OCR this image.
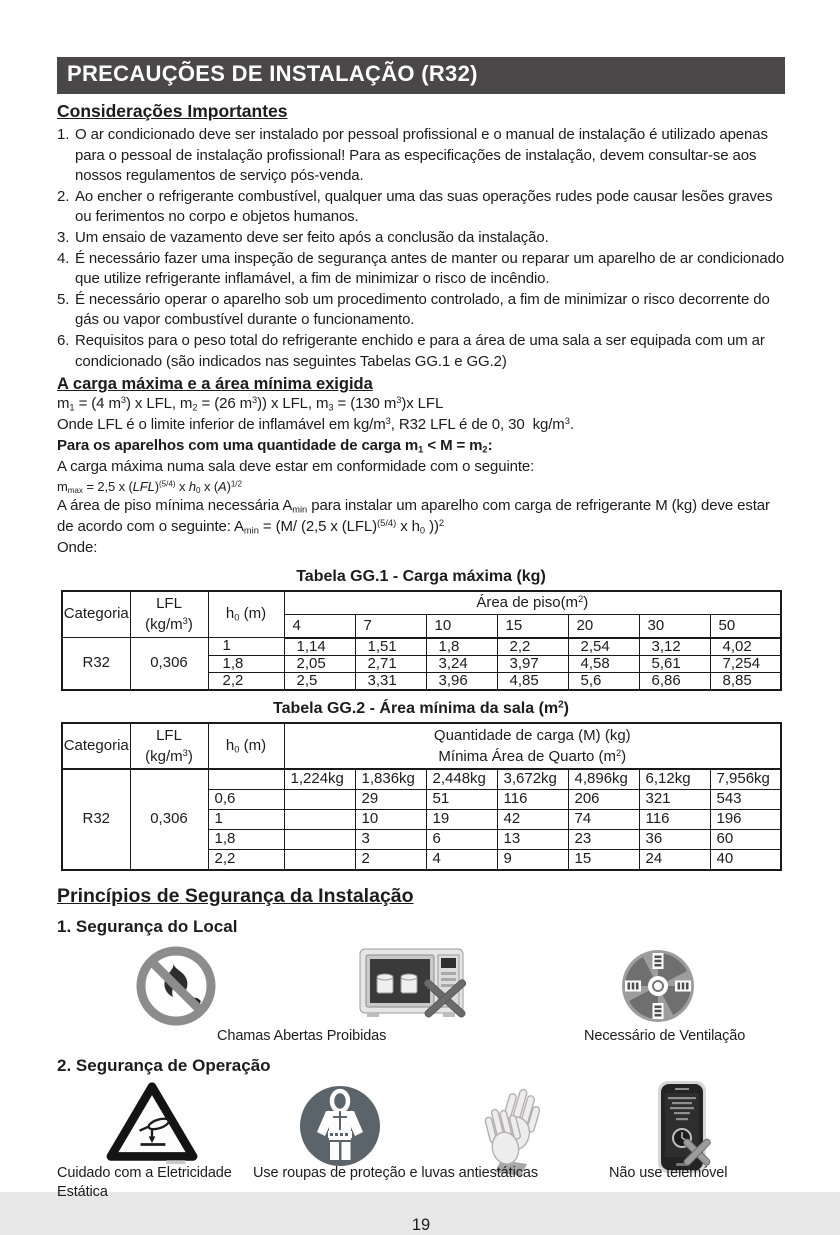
PRECAUÇÕES DE INSTALAÇÃO (R32)
Considerações Importantes
1. O ar condicionado deve ser instalado por pessoal profissional e o manual de instalação é utilizado apenas para o pessoal de instalação profissional! Para as especificações de instalação, devem consultar-se aos nossos regulamentos de serviço pós-venda.
2. Ao encher o refrigerante combustível, qualquer uma das suas operações rudes pode causar lesões graves ou ferimentos no corpo e objetos humanos.
3. Um ensaio de vazamento deve ser feito após a conclusão da instalação.
4. É necessário fazer uma inspeção de segurança antes de manter ou reparar um aparelho de ar condicionado que utilize refrigerante inflamável, a fim de minimizar o risco de incêndio.
5. É necessário operar o aparelho sob um procedimento controlado, a fim de minimizar o risco decorrente do gás ou vapor combustível durante o funcionamento.
6. Requisitos para o peso total do refrigerante enchido e para a área de uma sala a ser equipada com um ar condicionado (são indicados nas seguintes Tabelas GG.1 e GG.2)
A carga máxima e a área mínima exigida
$m_1 = (4$ $m^3$) x LFL, $m_2 = (26$ $m^3$)) x LFL, $m_3 = (130$ $m^3)x$ LFL
Onde LFL é o limite inferior de inflamável em $kg/m^3$, R32 LFL é de 0, 30  $kg/m^3$.
Para os aparelhos com uma quantidade de carga $m_1 < M = m_2$:
A carga máxima numa sala deve estar em conformidade com o seguinte:
$m_{max} = 2,5$ x (LFL)$^{(5/4)}$ x $h_0$ x $(A)^{1/2}$
A área de piso mínima necessária $A_{min}$ para instalar um aparelho com carga de refrigerante M (kg) deve estar de acordo com o seguinte: $A_{min} = (M/$ (2,5 x (LFL)$^{(5/4)}$ x $h_0$ ))$^2$
Onde:
Tabela GG.1 - Carga máxima (kg)
Categoria	LFL
$(kg/m^3)$	$h_0$ (m)	Área de $piso(m^2)$						
			4	7	10	15	20	30	50
R32	0,306	1	1,14	1,51	1,8	2,2	2,54	3,12	4,02
		1,8	2,05	2,71	3,24	3,97	4,58	5,61	7,254
		2,2	2,5	3,31	3,96	4,85	5,6	6,86	8,85
Tabela GG.2 - Área mínima da sala $(m^2)$
Categoria	
LFL
$(kg/m^3)$
	$h_0$ (m)	
Quantidade de carga (M) (kg)
Mínima Área de Quarto $(m^2)$

R32	0,306		1,224kg	1,836kg	2,448kg	3,672kg	4,896kg	6,12kg	7,956kg
		0,6		29	51	116	206	321	543
		1		10	19	42	74	116	196
		1,8		3	6	13	23	36	60
		2,2		2	4	9	15	24	40
Princípios de Segurança da Instalação
1. Segurança do Local
Chamas Abertas Proibidas	Necessário de Ventilação
2. Segurança de Operação
Cuidado com a Eletricidade Estática
Use roupas de proteção e luvas antiestáticas	Não use telemóvel
19
